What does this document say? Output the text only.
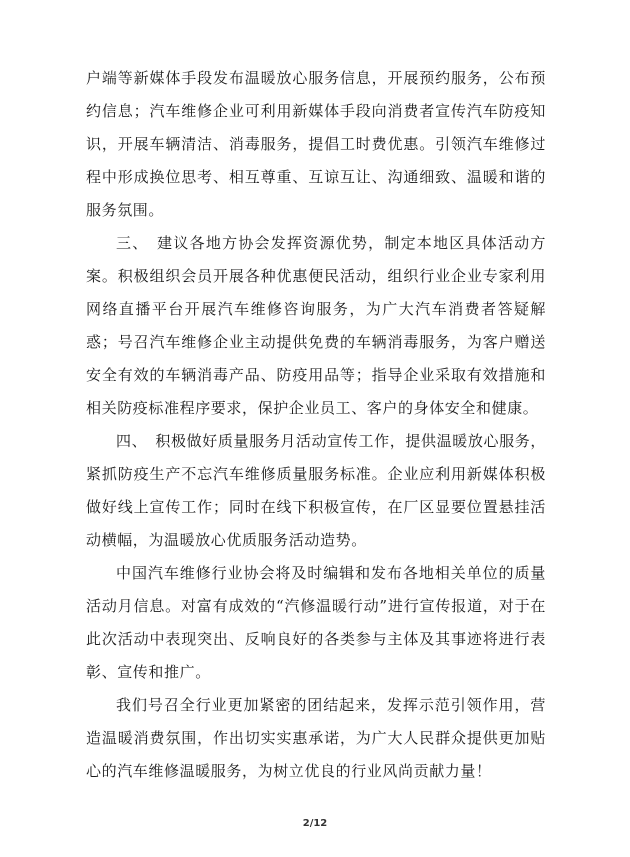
户端等新媒体手段发布温暖放心服务信息，开展预约服务，公布预约信息；汽车维修企业可利用新媒体手段向消费者宣传汽车防疫知识，开展车辆清洁、消毒服务，提倡工时费优惠。引领汽车维修过程中形成换位思考、相互尊重、互谅互让、沟通细致、温暖和谐的服务氛围。

三、　建议各地方协会发挥资源优势，制定本地区具体活动方案。积极组织会员开展各种优惠便民活动，组织行业企业专家利用网络直播平台开展汽车维修咨询服务，为广大汽车消费者答疑解惑；号召汽车维修企业主动提供免费的车辆消毒服务，为客户赠送安全有效的车辆消毒产品、防疫用品等；指导企业采取有效措施和相关防疫标准程序要求，保护企业员工、客户的身体安全和健康。

四、　积极做好质量服务月活动宣传工作，提供温暖放心服务，紧抓防疫生产不忘汽车维修质量服务标准。企业应利用新媒体积极做好线上宣传工作；同时在线下积极宣传，在厂区显要位置悬挂活动横幅，为温暖放心优质服务活动造势。

中国汽车维修行业协会将及时编辑和发布各地相关单位的质量活动月信息。对富有成效的“汽修温暖行动”进行宣传报道，对于在此次活动中表现突出、反响良好的各类参与主体及其事迹将进行表彰、宣传和推广。

我们号召全行业更加紧密的团结起来，发挥示范引领作用，营造温暖消费氛围，作出切实实惠承诺，为广大人民群众提供更加贴心的汽车维修温暖服务，为树立优良的行业风尚贡献力量！

2/12
